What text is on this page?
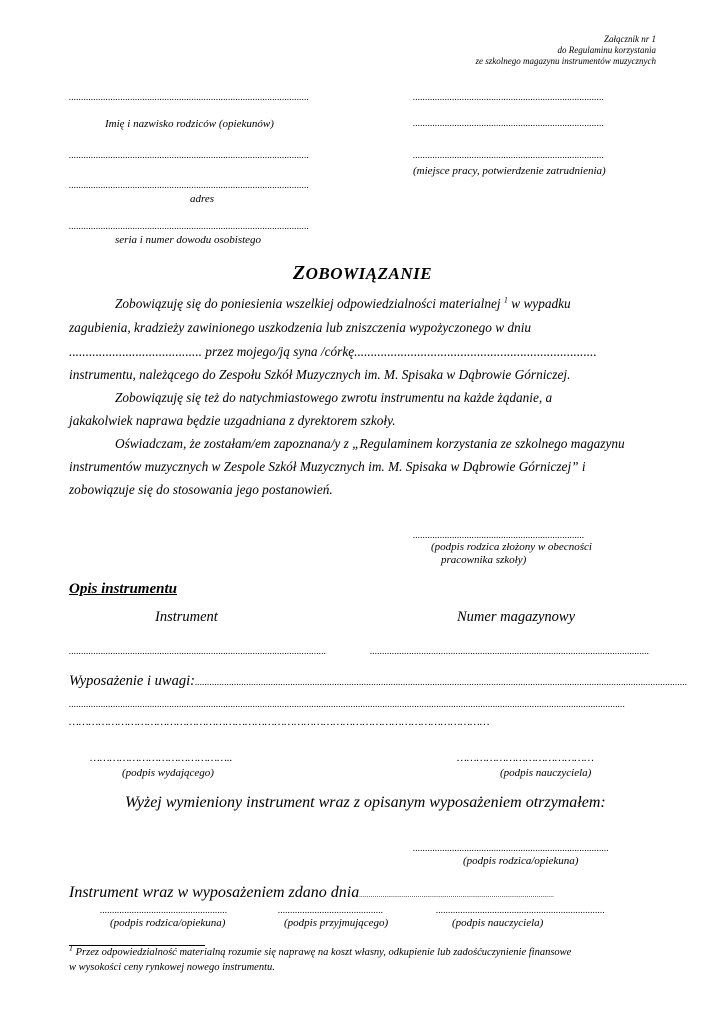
Załącznik nr 1
do Regulaminu korzystania
ze szkolnego magazynu instrumentów muzycznych
..................................................................................................	..............................................................................
Imię i nazwisko rodziców (opiekunów)	..............................................................................
..................................................................................................	..............................................................................
(miejsce pracy, potwierdzenie zatrudnienia)
..................................................................................................
adres
..................................................................................................
seria i numer dowodu osobistego
ZOBOWIĄZANIE
Zobowiązuję się do poniesienia wszelkiej odpowiedzialności materialnej $^1$ w wypadku
zagubienia, kradzieży zawinionego uszkodzenia lub zniszczenia wypożyczonego w dniu
........................................ przez mojego/ją syna /córkę.........................................................................
instrumentu, należącego do Zespołu Szkół Muzycznych im. M. Spisaka w Dąbrowie Górniczej.
Zobowiązuję się też do natychmiastowego zwrotu instrumentu na każde żądanie, a
jakakolwiek naprawa będzie uzgadniana z dyrektorem szkoły.
Oświadczam, że zostałam/em zapoznana/y z „Regulaminem korzystania ze szkolnego magazynu
instrumentów muzycznych w Zespole Szkół Muzycznych im. M. Spisaka w Dąbrowie Górniczej” i
zobowiązuje się do stosowania jego postanowień.
......................................................................
(podpis rodzica złożony w obecności
pracownika szkoły)
Opis instrumentu
Instrument	Numer magazynowy
.........................................................................................................	..................................................................................................................
Wyposażenie i uwagi:.........................................................................................................................................................................................................
...................................................................................................................................................................................................................................
…………………………………………………………………………………………………………………
……………………………………..	……………………………………
(podpis wydającego)	(podpis nauczyciela)
Wyżej wymieniony instrument wraz z opisanym wyposażeniem otrzymałem:
................................................................................
(podpis rodzica/opiekuna)
Instrument wraz w wyposażeniem zdano dnia....................................................................................................
....................................................	...........................................	.....................................................................
(podpis rodzica/opiekuna)	(podpis przyjmującego)	(podpis nauczyciela)
$^1$ Przez odpowiedzialność materialną rozumie się naprawę na koszt własny, odkupienie lub zadośćuczynienie finansowe
w wysokości ceny rynkowej nowego instrumentu.
